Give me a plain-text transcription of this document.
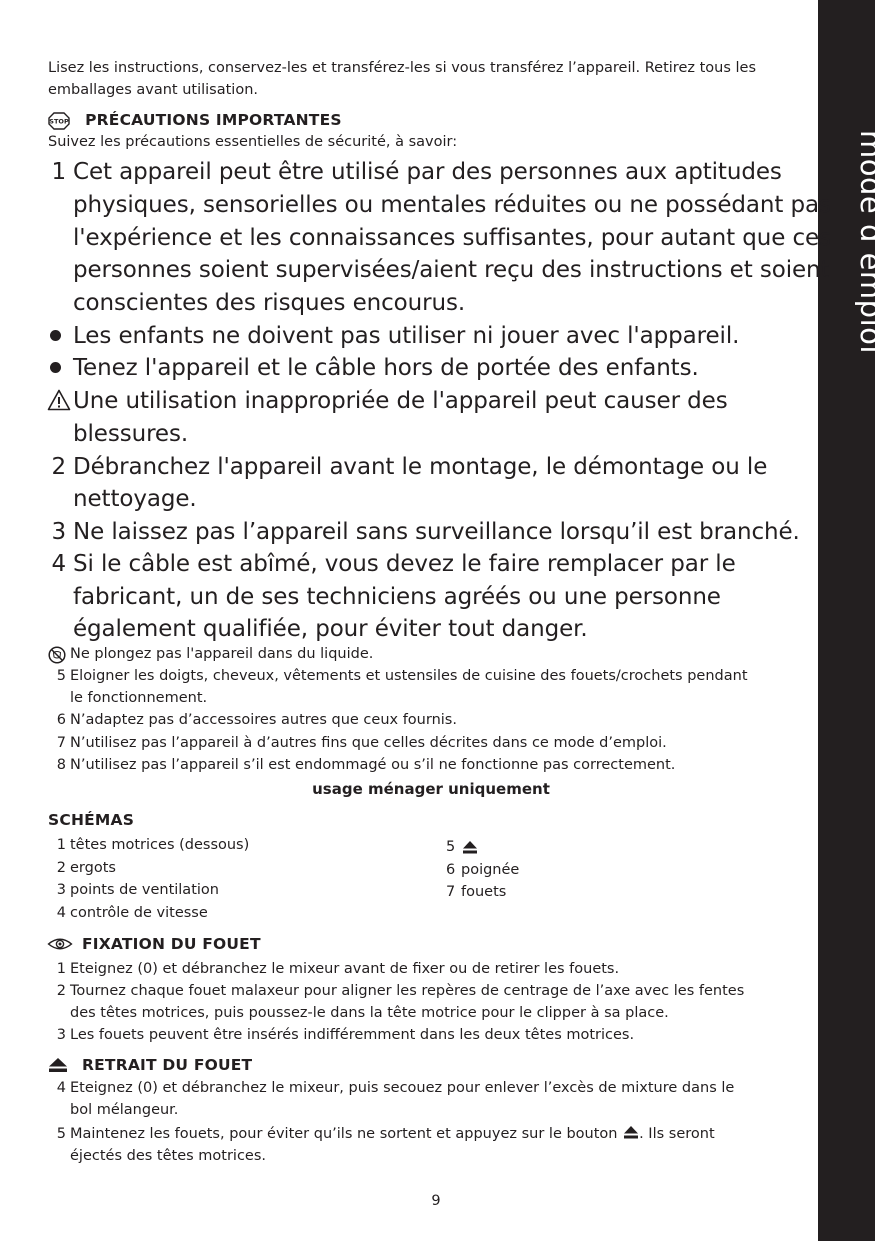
mode d’emploi
Lisez les instructions, conservez-les et transférez-les si vous transférez l’appareil. Retirez tous les
emballages avant utilisation.
STOP PRÉCAUTIONS IMPORTANTES
Suivez les précautions essentielles de sécurité, à savoir:
1 Cet appareil peut être utilisé par des personnes aux aptitudes
physiques, sensorielles ou mentales réduites ou ne possédant pas
l'expérience et les connaissances suffisantes, pour autant que ces
personnes soient supervisées/aient reçu des instructions et soient
conscientes des risques encourus.
Les enfants ne doivent pas utiliser ni jouer avec l'appareil.
Tenez l'appareil et le câble hors de portée des enfants.
Une utilisation inappropriée de l'appareil peut causer des
blessures.
2 Débranchez l'appareil avant le montage, le démontage ou le
nettoyage.
3 Ne laissez pas l’appareil sans surveillance lorsqu’il est branché.
4 Si le câble est abîmé, vous devez le faire remplacer par le
fabricant, un de ses techniciens agréés ou une personne
également qualifiée, pour éviter tout danger.
Ne plongez pas l'appareil dans du liquide.
5 Eloigner les doigts, cheveux, vêtements et ustensiles de cuisine des fouets/crochets pendant
le fonctionnement.
6 N’adaptez pas d’accessoires autres que ceux fournis.
7 N’utilisez pas l’appareil à d’autres fins que celles décrites dans ce mode d’emploi.
8 N’utilisez pas l’appareil s’il est endommagé ou s’il ne fonctionne pas correctement.
usage ménager uniquement
SCHÉMAS
1 têtes motrices (dessous)
2 ergots
3 points de ventilation
4 contrôle de vitesse
5
6 poignée
7 fouets
FIXATION DU FOUET
1 Eteignez (0) et débranchez le mixeur avant de fixer ou de retirer les fouets.
2 Tournez chaque fouet malaxeur pour aligner les repères de centrage de l’axe avec les fentes
des têtes motrices, puis poussez-le dans la tête motrice pour le clipper à sa place.
3 Les fouets peuvent être insérés indifféremment dans les deux têtes motrices.
RETRAIT DU FOUET
4 Eteignez (0) et débranchez le mixeur, puis secouez pour enlever l’excès de mixture dans le
bol mélangeur.
5 Maintenez les fouets, pour éviter qu’ils ne sortent et appuyez sur le bouton . Ils seront
éjectés des têtes motrices.
9
